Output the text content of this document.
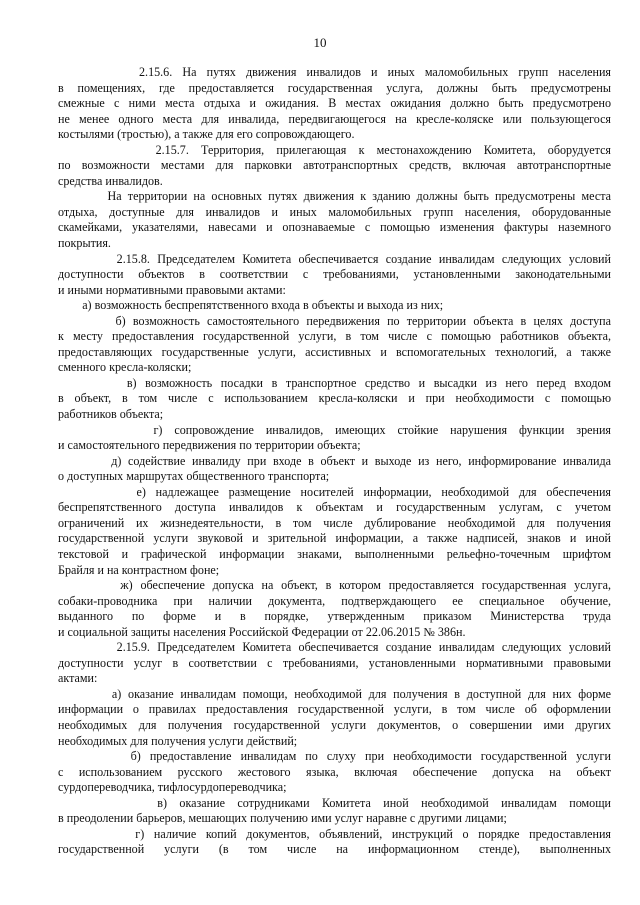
10
2.15.6. На путях движения инвалидов и иных маломобильных групп населения
в помещениях, где предоставляется государственная услуга, должны быть предусмотрены
смежные с ними места отдыха и ожидания. В местах ожидания должно быть предусмотрено
не менее одного места для инвалида, передвигающегося на кресле-коляске или пользующегося
костылями (тростью), а также для его сопровождающего.
2.15.7. Территория, прилегающая к местонахождению Комитета, оборудуется
по возможности местами для парковки автотранспортных средств, включая автотранспортные
средства инвалидов.
На территории на основных путях движения к зданию должны быть предусмотрены места
отдыха, доступные для инвалидов и иных маломобильных групп населения, оборудованные
скамейками, указателями, навесами и опознаваемые с помощью изменения фактуры наземного
покрытия.
2.15.8. Председателем Комитета обеспечивается создание инвалидам следующих условий
доступности объектов в соответствии с требованиями, установленными законодательными
и иными нормативными правовыми актами:
а) возможность беспрепятственного входа в объекты и выхода из них;
б) возможность самостоятельного передвижения по территории объекта в целях доступа
к месту предоставления государственной услуги, в том числе с помощью работников объекта,
предоставляющих государственные услуги, ассистивных и вспомогательных технологий, а также
сменного кресла-коляски;
в) возможность посадки в транспортное средство и высадки из него перед входом
в объект, в том числе с использованием кресла-коляски и при необходимости с помощью
работников объекта;
г) сопровождение инвалидов, имеющих стойкие нарушения функции зрения
и самостоятельного передвижения по территории объекта;
д) содействие инвалиду при входе в объект и выходе из него, информирование инвалида
о доступных маршрутах общественного транспорта;
е) надлежащее размещение носителей информации, необходимой для обеспечения
беспрепятственного доступа инвалидов к объектам и государственным услугам, с учетом
ограничений их жизнедеятельности, в том числе дублирование необходимой для получения
государственной услуги звуковой и зрительной информации, а также надписей, знаков и иной
текстовой и графической информации знаками, выполненными рельефно-точечным шрифтом
Брайля и на контрастном фоне;
ж) обеспечение допуска на объект, в котором предоставляется государственная услуга,
собаки-проводника при наличии документа, подтверждающего ее специальное обучение,
выданного по форме и в порядке, утвержденным приказом Министерства труда
и социальной защиты населения Российской Федерации от 22.06.2015 № 386н.
2.15.9. Председателем Комитета обеспечивается создание инвалидам следующих условий
доступности услуг в соответствии с требованиями, установленными нормативными правовыми
актами:
а) оказание инвалидам помощи, необходимой для получения в доступной для них форме
информации о правилах предоставления государственной услуги, в том числе об оформлении
необходимых для получения государственной услуги документов, о совершении ими других
необходимых для получения услуги действий;
б) предоставление инвалидам по слуху при необходимости государственной услуги
с использованием русского жестового языка, включая обеспечение допуска на объект
сурдопереводчика, тифлосурдопереводчика;
в) оказание сотрудниками Комитета иной необходимой инвалидам помощи
в преодолении барьеров, мешающих получению ими услуг наравне с другими лицами;
г) наличие копий документов, объявлений, инструкций о порядке предоставления
государственной услуги (в том числе на информационном стенде), выполненных
